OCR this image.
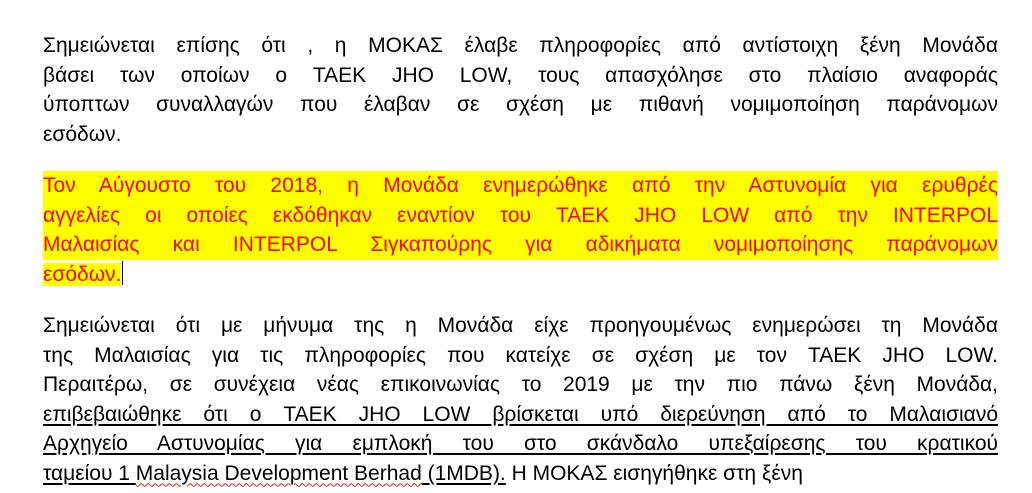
Σημειώνεται επίσης ότι , η ΜΟΚΑΣ έλαβε πληροφορίες από αντίστοιχη ξένη Μονάδα
βάσει των οποίων ο TAEK JHO LOW, τους απασχόλησε στο πλαίσιο αναφοράς
ύποπτων συναλλαγών που έλαβαν σε σχέση με πιθανή νομιμοποίηση παράνομων
εσόδων.
Τον Αύγουστο του 2018, η Μονάδα ενημερώθηκε από την Αστυνομία για ερυθρές
αγγελίες οι οποίες εκδόθηκαν εναντίον του TAEK JHO LOW από την INTERPOL
Μαλαισίας και INTERPOL Σιγκαπούρης για αδικήματα νομιμοποίησης παράνομων
εσόδων.
Σημειώνεται ότι με μήνυμα της η Μονάδα είχε προηγουμένως ενημερώσει τη Μονάδα
της Μαλαισίας για τις πληροφορίες που κατείχε σε σχέση με τον TAEK JHO LOW.
Περαιτέρω, σε συνέχεια νέας επικοινωνίας το 2019 με την πιο πάνω ξένη Μονάδα,
επιβεβαιώθηκε ότι ο TAEK JHO LOW βρίσκεται υπό διερεύνηση από το Μαλαισιανό
Αρχηγείο Αστυνομίας για εμπλοκή του στο σκάνδαλο υπεξαίρεσης του κρατικού
ταμείου 1 Malaysia Development Berhad (1MDB). Η ΜΟΚΑΣ εισηγήθηκε στη ξένη
